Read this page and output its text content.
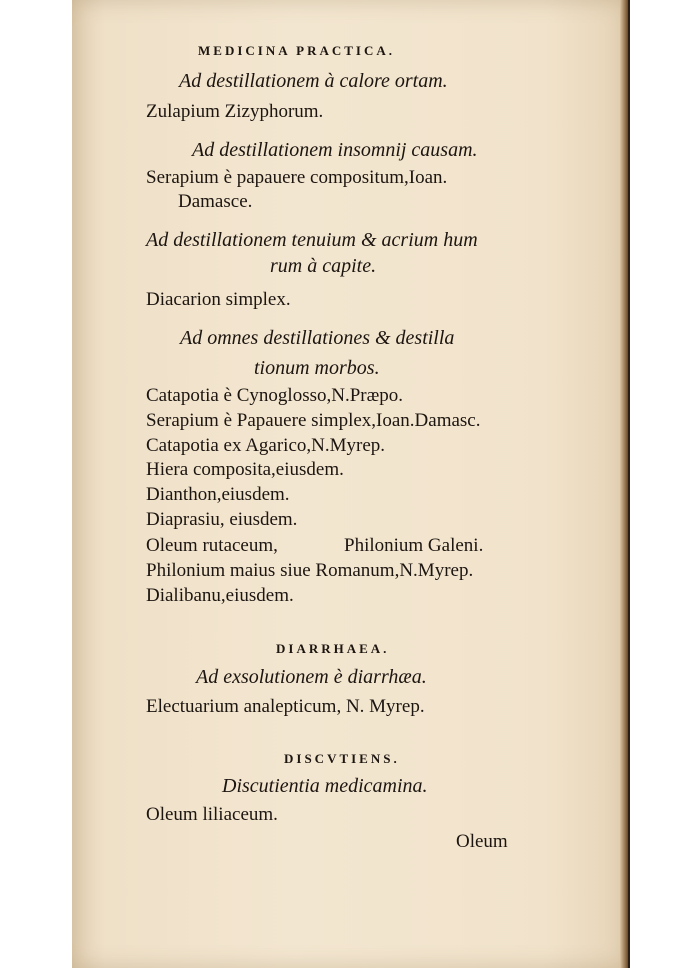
MEDICINA PRACTICA.
Ad destillationem à calore ortam.
Zulapium Zizyphorum.
Ad destillationem insomnij causam.
Serapium è papauere compositum,Ioan.
Damasce.
Ad destillationem tenuium & acrium hum
rum à capite.
Diacarion simplex.
Ad omnes destillationes & destilla
tionum morbos.
Catapotia è Cynoglosso,N.Præpo.
Serapium è Papauere simplex,Ioan.Damasc.
Catapotia ex Agarico,N.Myrep.
Hiera composita,eiusdem.
Dianthon,eiusdem.
Diaprasiu, eiusdem.
Oleum rutaceum,	Philonium Galeni.
Philonium maius siue Romanum,N.Myrep.
Dialibanu,eiusdem.
DIARRHAEA.
Ad exsolutionem è diarrhæa.
Electuarium analepticum, N. Myrep.
DISCVTIENS.
Discutientia medicamina.
Oleum liliaceum.
Oleum
